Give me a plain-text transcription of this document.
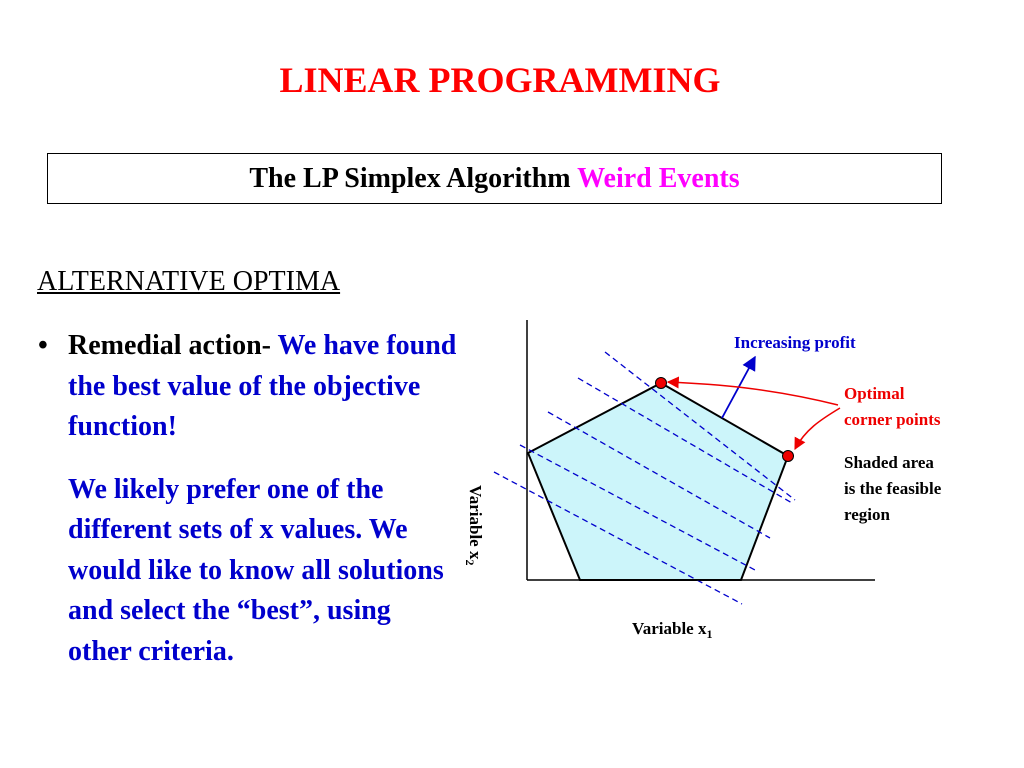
LINEAR PROGRAMMING
The LP Simplex Algorithm Weird Events
ALTERNATIVE OPTIMA
• Remedial action- We have found the best value of the objective function!
We likely prefer one of the different sets of x values. We would like to know all solutions and select the “best”, using other criteria.
Increasing profit
Optimal
corner points
Shaded area
is the feasible
region
Variable $x_1$
Variable $x_2$
